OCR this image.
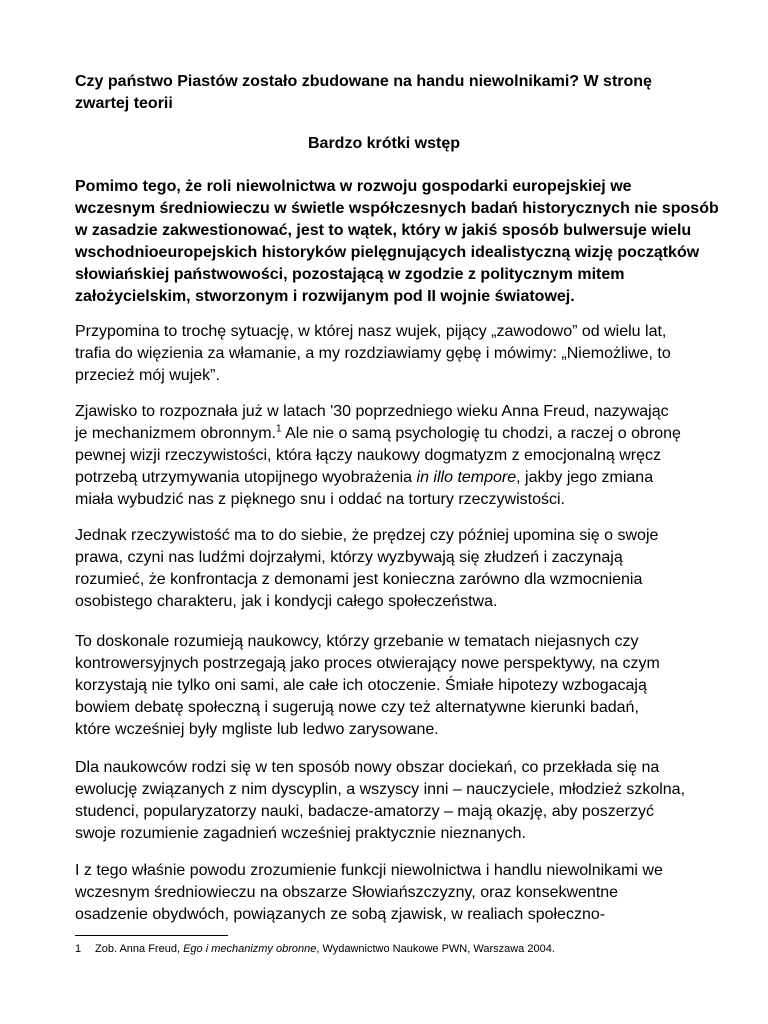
Czy państwo Piastów zostało zbudowane na handu niewolnikami? W stronę
zwartej teorii
Bardzo krótki wstęp
Pomimo tego, że roli niewolnictwa w rozwoju gospodarki europejskiej we
wczesnym średniowieczu w świetle współczesnych badań historycznych nie sposób
w zasadzie zakwestionować, jest to wątek, który w jakiś sposób bulwersuje wielu
wschodnioeuropejskich historyków pielęgnujących idealistyczną wizję początków
słowiańskiej państwowości, pozostającą w zgodzie z politycznym mitem
założycielskim, stworzonym i rozwijanym pod II wojnie światowej.
Przypomina to trochę sytuację, w której nasz wujek, pijący „zawodowo” od wielu lat,
trafia do więzienia za włamanie, a my rozdziawiamy gębę i mówimy: „Niemożliwe, to
przecież mój wujek”.
Zjawisko to rozpoznała już w latach '30 poprzedniego wieku Anna Freud, nazywając
je mechanizmem obronnym.$^1$ Ale nie o samą psychologię tu chodzi, a raczej o obronę
pewnej wizji rzeczywistości, która łączy naukowy dogmatyzm z emocjonalną wręcz
potrzebą utrzymywania utopijnego wyobrażenia in illo tempore, jakby jego zmiana
miała wybudzić nas z pięknego snu i oddać na tortury rzeczywistości.
Jednak rzeczywistość ma to do siebie, że prędzej czy później upomina się o swoje
prawa, czyni nas ludźmi dojrzałymi, którzy wyzbywają się złudzeń i zaczynają
rozumieć, że konfrontacja z demonami jest konieczna zarówno dla wzmocnienia
osobistego charakteru, jak i kondycji całego społeczeństwa.
To doskonale rozumieją naukowcy, którzy grzebanie w tematach niejasnych czy
kontrowersyjnych postrzegają jako proces otwierający nowe perspektywy, na czym
korzystają nie tylko oni sami, ale całe ich otoczenie. Śmiałe hipotezy wzbogacają
bowiem debatę społeczną i sugerują nowe czy też alternatywne kierunki badań,
które wcześniej były mgliste lub ledwo zarysowane.
Dla naukowców rodzi się w ten sposób nowy obszar dociekań, co przekłada się na
ewolucję związanych z nim dyscyplin, a wszyscy inni – nauczyciele, młodzież szkolna,
studenci, popularyzatorzy nauki, badacze-amatorzy – mają okazję, aby poszerzyć
swoje rozumienie zagadnień wcześniej praktycznie nieznanych.
I z tego właśnie powodu zrozumienie funkcji niewolnictwa i handlu niewolnikami we
wczesnym średniowieczu na obszarze Słowiańszczyzny, oraz konsekwentne
osadzenie obydwóch, powiązanych ze sobą zjawisk, w realiach społeczno-
1 Zob. Anna Freud, Ego i mechanizmy obronne, Wydawnictwo Naukowe PWN, Warszawa 2004.
